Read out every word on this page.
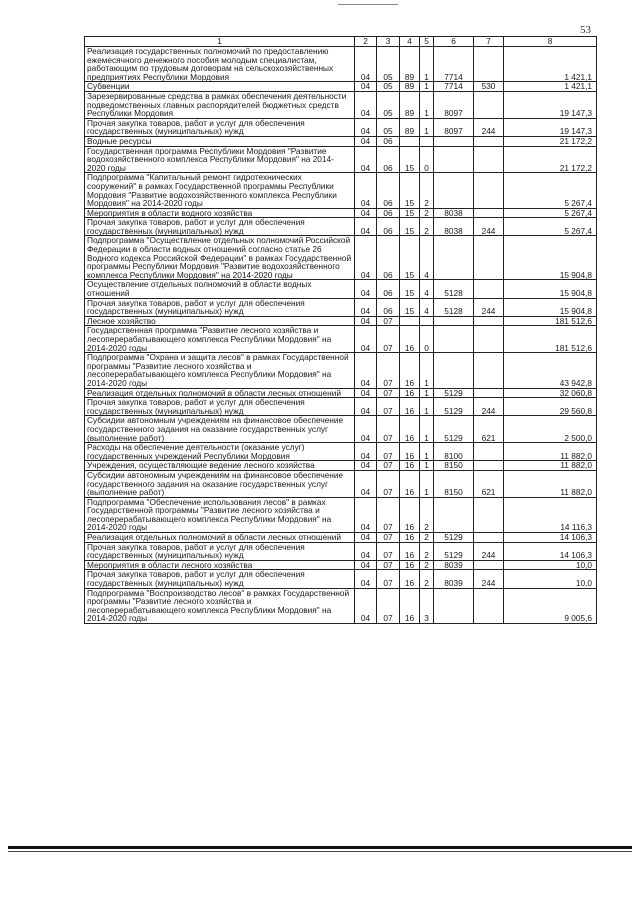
53
1	2	3	4	5	6	7	8
Реализация государственных полномочий по предоставлению ежемесячного денежного пособия молодым специалистам, работающим по трудовым договорам на сельскохозяйственных предприятиях Республики Мордовия	04	05	89	1	7714		1 421,1
Субвенции	04	05	89	1	7714	530	1 421,1
Зарезервированные средства в рамках обеспечения деятельности подведомственных главных распорядителей бюджетных средств Республики Мордовия	04	05	89	1	8097		19 147,3
Прочая закупка товаров, работ и услуг для обеспечения государственных (муниципальных) нужд	04	05	89	1	8097	244	19 147,3
Водные ресурсы	04	06					21 172,2
Государственная программа Республики Мордовия "Развитие водохозяйственного комплекса Республики Мордовия" на 2014-2020 годы	04	06	15	0			21 172,2
Подпрограмма "Капитальный ремонт гидротехнических сооружений" в рамках Государственной программы Республики Мордовия "Развитие водохозяйственного комплекса Республики Мордовия" на 2014-2020 годы	04	06	15	2			5 267,4
Мероприятия в области водного хозяйства	04	06	15	2	8038		5 267,4
Прочая закупка товаров, работ и услуг для обеспечения государственных (муниципальных) нужд	04	06	15	2	8038	244	5 267,4
Подпрограмма "Осуществление отдельных полномочий Российской Федерации в области водных отношений согласно статье 26 Водного кодекса Российской Федерации" в рамках Государственной программы Республики Мордовия "Развитие водохозяйственного комплекса Республики Мордовия" на 2014-2020 годы	04	06	15	4			15 904,8
Осуществление отдельных полномочий в области водных отношений	04	06	15	4	5128		15 904,8
Прочая закупка товаров, работ и услуг для обеспечения государственных (муниципальных) нужд	04	06	15	4	5128	244	15 904,8
Лесное хозяйство	04	07					181 512,6
Государственная программа "Развитие лесного хозяйства и лесоперерабатывающего комплекса Республики Мордовия" на 2014-2020 годы	04	07	16	0			181 512,6
Подпрограмма "Охрана и защита лесов" в рамках Государственной программы "Развитие лесного хозяйства и лесоперерабатывающего комплекса Республики Мордовия" на 2014-2020 годы	04	07	16	1			43 942,8
Реализация отдельных полномочий в области лесных отношений	04	07	16	1	5129		32 060,8
Прочая закупка товаров, работ и услуг для обеспечения государственных (муниципальных) нужд	04	07	16	1	5129	244	29 560,8
Субсидии автономным учреждениям на финансовое обеспечение государственного задания на оказание государственных услуг (выполнение работ)	04	07	16	1	5129	621	2 500,0
Расходы на обеспечение деятельности (оказание услуг) государственных учреждений Республики Мордовия	04	07	16	1	8100		11 882,0
Учреждения, осуществляющие ведение лесного хозяйства	04	07	16	1	8150		11 882,0
Субсидии автономным учреждениям на финансовое обеспечение государственного задания на оказание государственных услуг (выполнение работ)	04	07	16	1	8150	621	11 882,0
Подпрограмма "Обеспечение использования лесов" в рамках Государственной программы "Развитие лесного хозяйства и лесоперерабатывающего комплекса Республики Мордовия" на 2014-2020 годы	04	07	16	2			14 116,3
Реализация отдельных полномочий в области лесных отношений	04	07	16	2	5129		14 106,3
Прочая закупка товаров, работ и услуг для обеспечения государственных (муниципальных) нужд	04	07	16	2	5129	244	14 106,3
Мероприятия в области лесного хозяйства	04	07	16	2	8039		10,0
Прочая закупка товаров, работ и услуг для обеспечения государственных (муниципальных) нужд	04	07	16	2	8039	244	10,0
Подпрограмма "Воспроизводство лесов" в рамках Государственной программы "Развитие лесного хозяйства и лесоперерабатывающего комплекса Республики Мордовия" на 2014-2020 годы	04	07	16	3			9 005,6
